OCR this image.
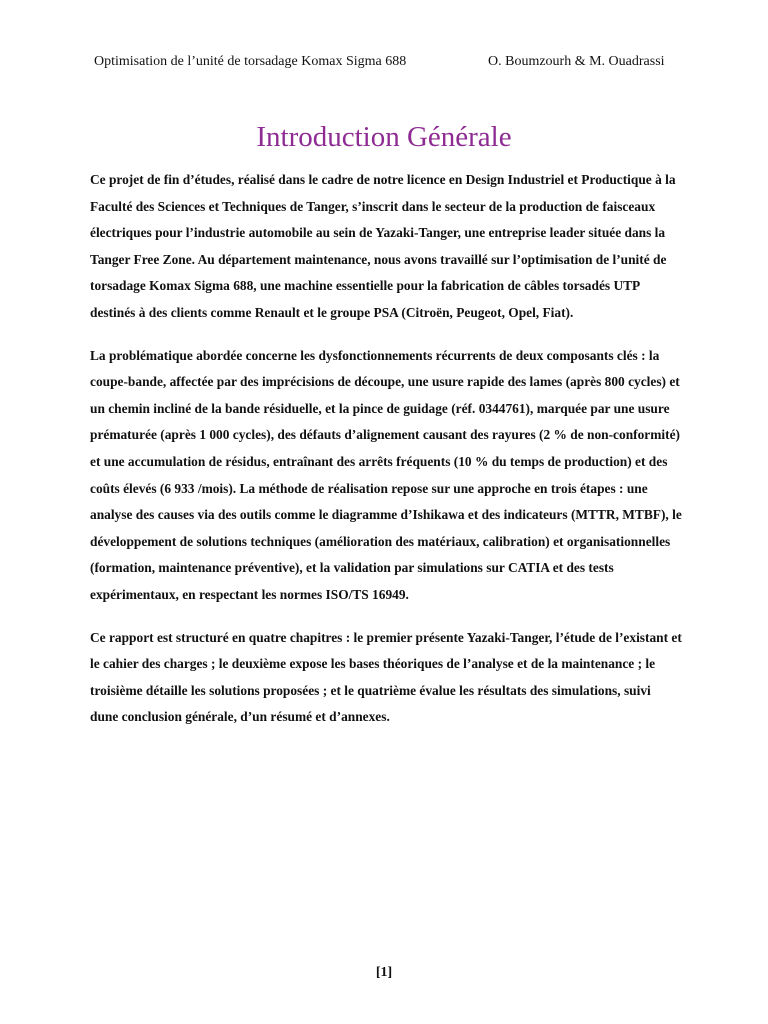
Optimisation de l’unité de torsadage Komax Sigma 688	O. Boumzourh & M. Ouadrassi
Introduction Générale

Ce projet de fin d’études, réalisé dans le cadre de notre licence en Design Industriel et Productique à la Faculté des Sciences et Techniques de Tanger, s’inscrit dans le secteur de la production de faisceaux électriques pour l’industrie automobile au sein de Yazaki-Tanger, une entreprise leader située dans la Tanger Free Zone. Au département maintenance, nous avons travaillé sur l’optimisation de l’unité de torsadage Komax Sigma 688, une machine essentielle pour la fabrication de câbles torsadés UTP destinés à des clients comme Renault et le groupe PSA (Citroën, Peugeot, Opel, Fiat).

La problématique abordée concerne les dysfonctionnements récurrents de deux composants clés : la coupe-bande, affectée par des imprécisions de découpe, une usure rapide des lames (après 800 cycles) et un chemin incliné de la bande résiduelle, et la pince de guidage (réf. 0344761), marquée par une usure prématurée (après 1 000 cycles), des défauts d’alignement causant des rayures (2 % de non-conformité) et une accumulation de résidus, entraînant des arrêts fréquents (10 % du temps de production) et des coûts élevés (6 933 /mois). La méthode de réalisation repose sur une approche en trois étapes : une analyse des causes via des outils comme le diagramme d’Ishikawa et des indicateurs (MTTR, MTBF), le développement de solutions techniques (amélioration des matériaux, calibration) et organisationnelles (formation, maintenance préventive), et la validation par simulations sur CATIA et des tests expérimentaux, en respectant les normes ISO/TS 16949.

Ce rapport est structuré en quatre chapitres : le premier présente Yazaki-Tanger, l’étude de l’existant et le cahier des charges ; le deuxième expose les bases théoriques de l’analyse et de la maintenance ; le troisième détaille les solutions proposées ; et le quatrième évalue les résultats des simulations, suivi dune conclusion générale, d’un résumé et d’annexes.

[1]
